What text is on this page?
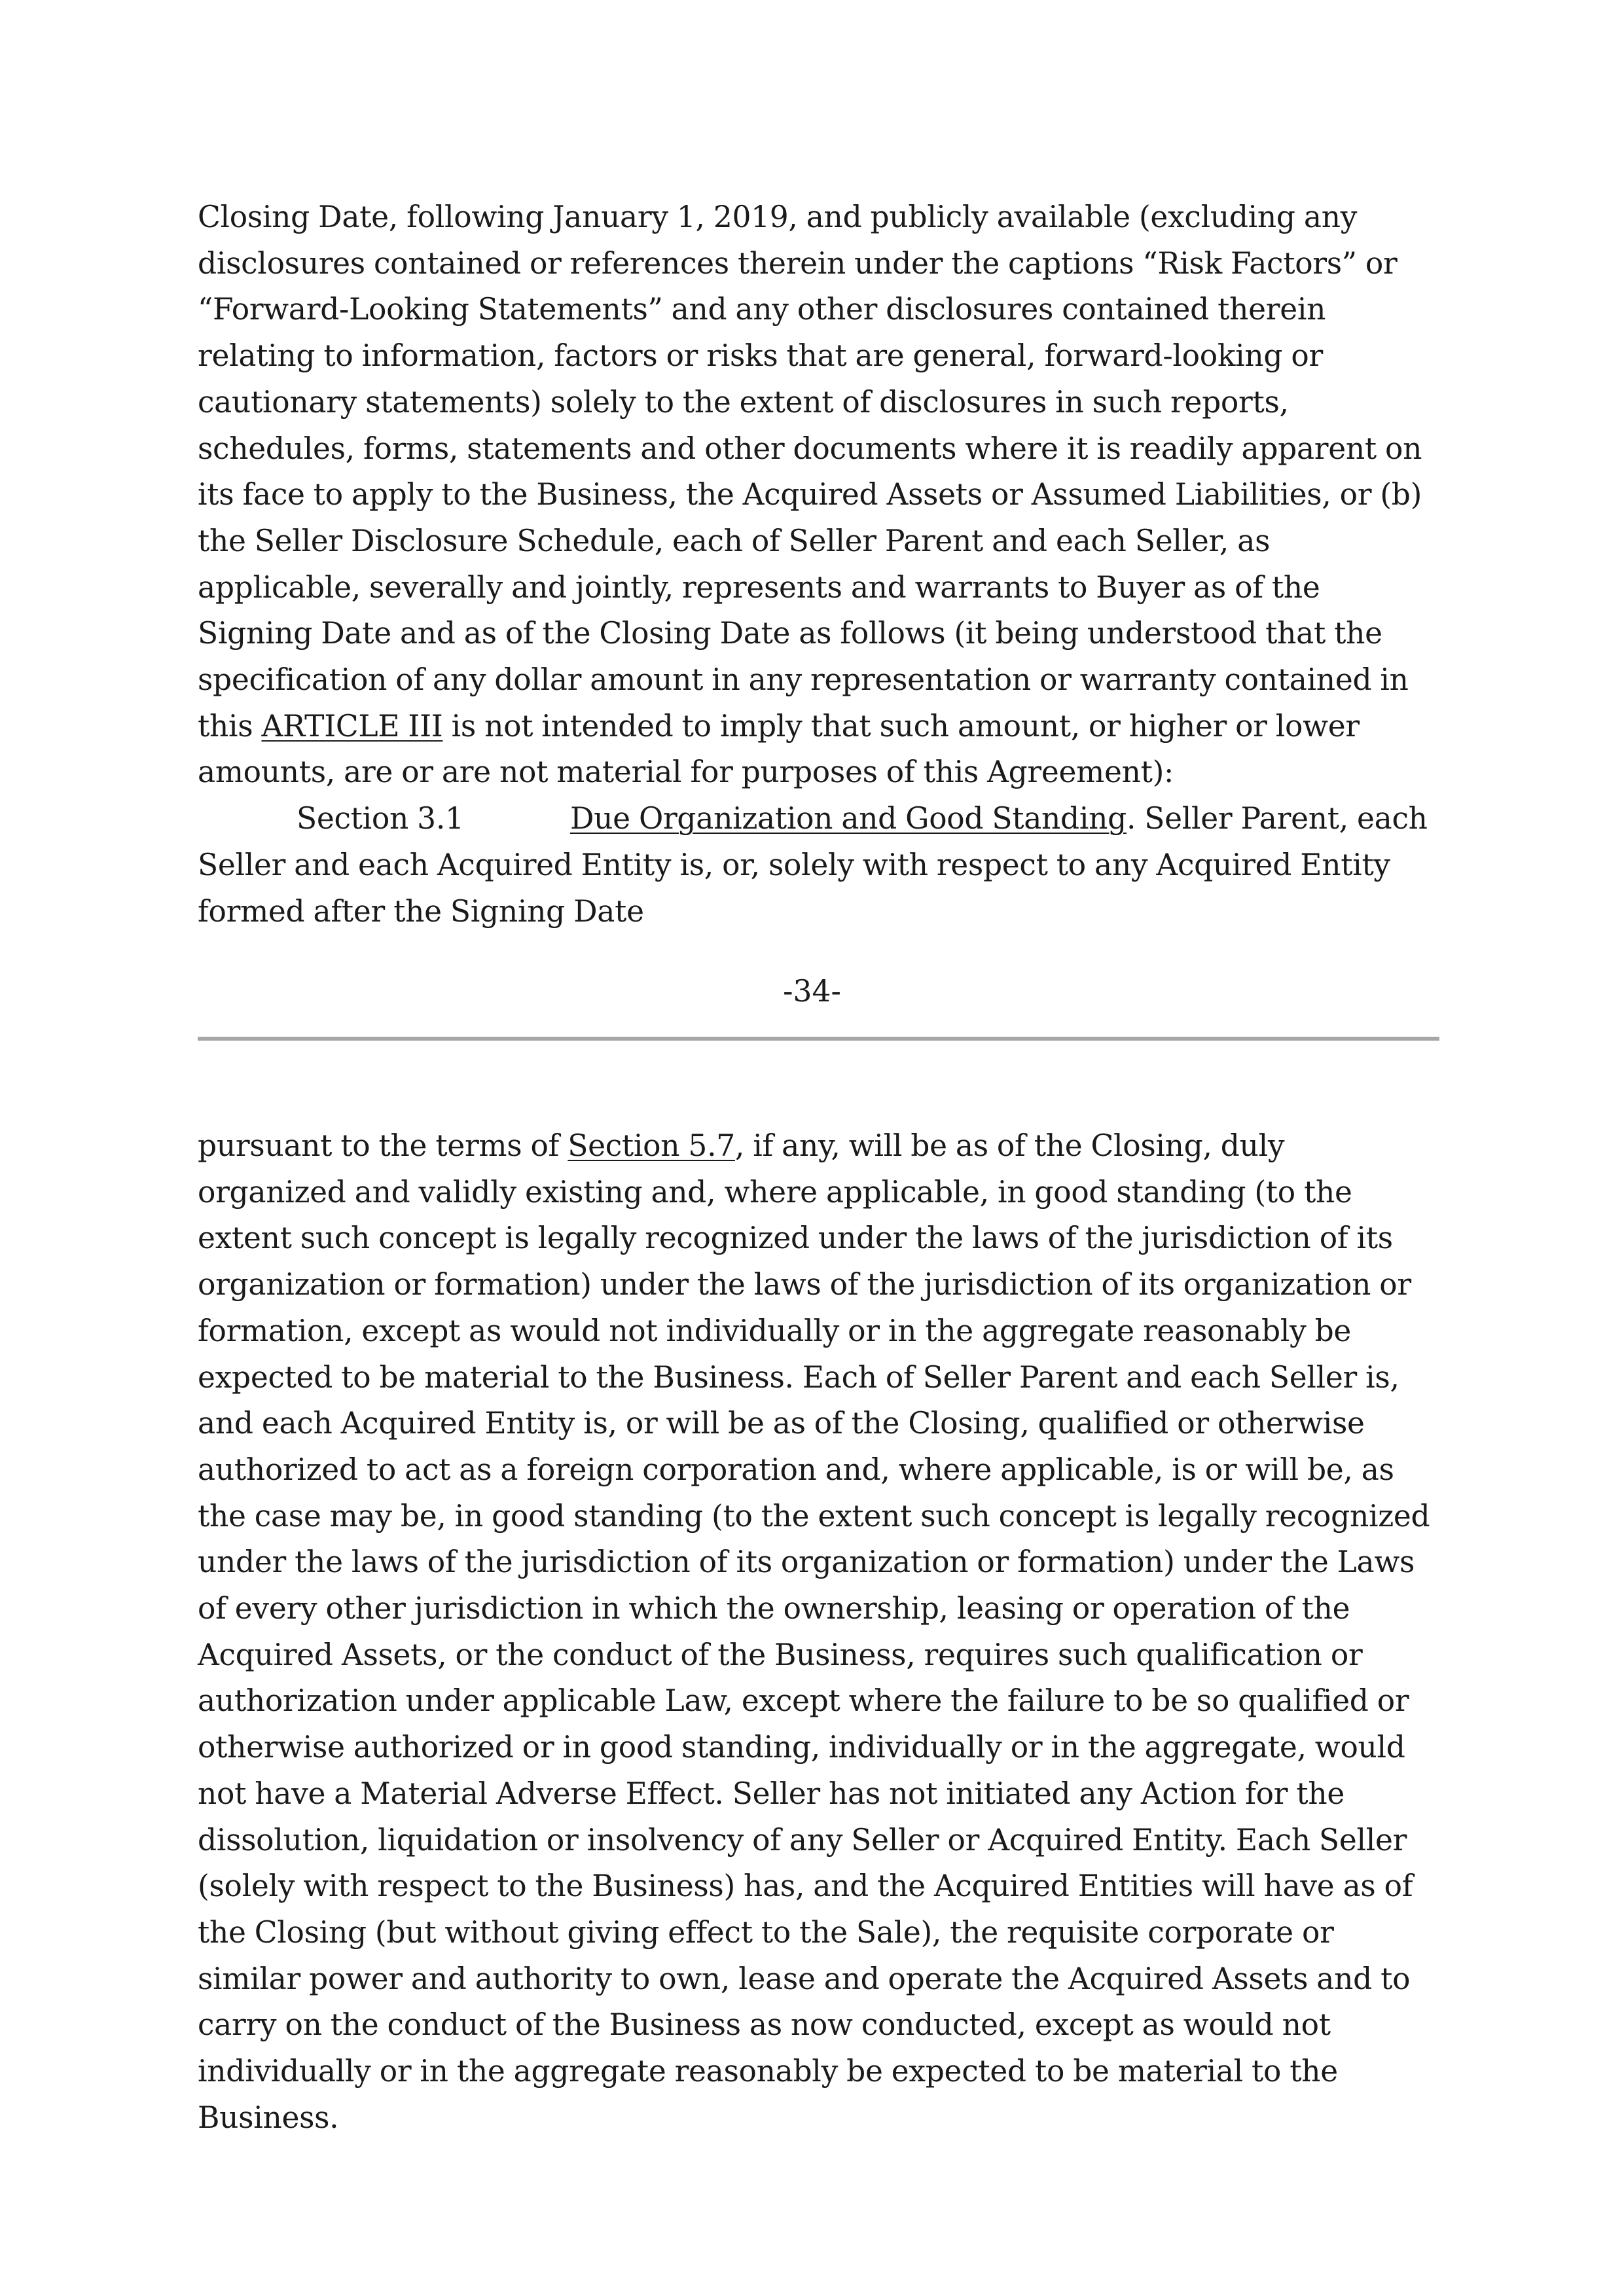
Closing Date, following January 1, 2019, and publicly available (excluding any disclosures contained or references therein under the captions “Risk Factors” or “Forward-Looking Statements” and any other disclosures contained therein relating to information, factors or risks that are general, forward-looking or cautionary statements) solely to the extent of disclosures in such reports, schedules, forms, statements and other documents where it is readily apparent on its face to apply to the Business, the Acquired Assets or Assumed Liabilities, or (b) the Seller Disclosure Schedule, each of Seller Parent and each Seller, as applicable, severally and jointly, represents and warrants to Buyer as of the Signing Date and as of the Closing Date as follows (it being understood that the specification of any dollar amount in any representation or warranty contained in this ARTICLE III is not intended to imply that such amount, or higher or lower amounts, are or are not material for purposes of this Agreement):

Section 3.1	Due Organization and Good Standing. Seller Parent, each Seller and each Acquired Entity is, or, solely with respect to any Acquired Entity formed after the Signing Date

-34-

pursuant to the terms of Section 5.7, if any, will be as of the Closing, duly organized and validly existing and, where applicable, in good standing (to the extent such concept is legally recognized under the laws of the jurisdiction of its organization or formation) under the laws of the jurisdiction of its organization or formation, except as would not individually or in the aggregate reasonably be expected to be material to the Business. Each of Seller Parent and each Seller is, and each Acquired Entity is, or will be as of the Closing, qualified or otherwise authorized to act as a foreign corporation and, where applicable, is or will be, as the case may be, in good standing (to the extent such concept is legally recognized under the laws of the jurisdiction of its organization or formation) under the Laws of every other jurisdiction in which the ownership, leasing or operation of the Acquired Assets, or the conduct of the Business, requires such qualification or authorization under applicable Law, except where the failure to be so qualified or otherwise authorized or in good standing, individually or in the aggregate, would not have a Material Adverse Effect. Seller has not initiated any Action for the dissolution, liquidation or insolvency of any Seller or Acquired Entity. Each Seller (solely with respect to the Business) has, and the Acquired Entities will have as of the Closing (but without giving effect to the Sale), the requisite corporate or similar power and authority to own, lease and operate the Acquired Assets and to carry on the conduct of the Business as now conducted, except as would not individually or in the aggregate reasonably be expected to be material to the Business.
